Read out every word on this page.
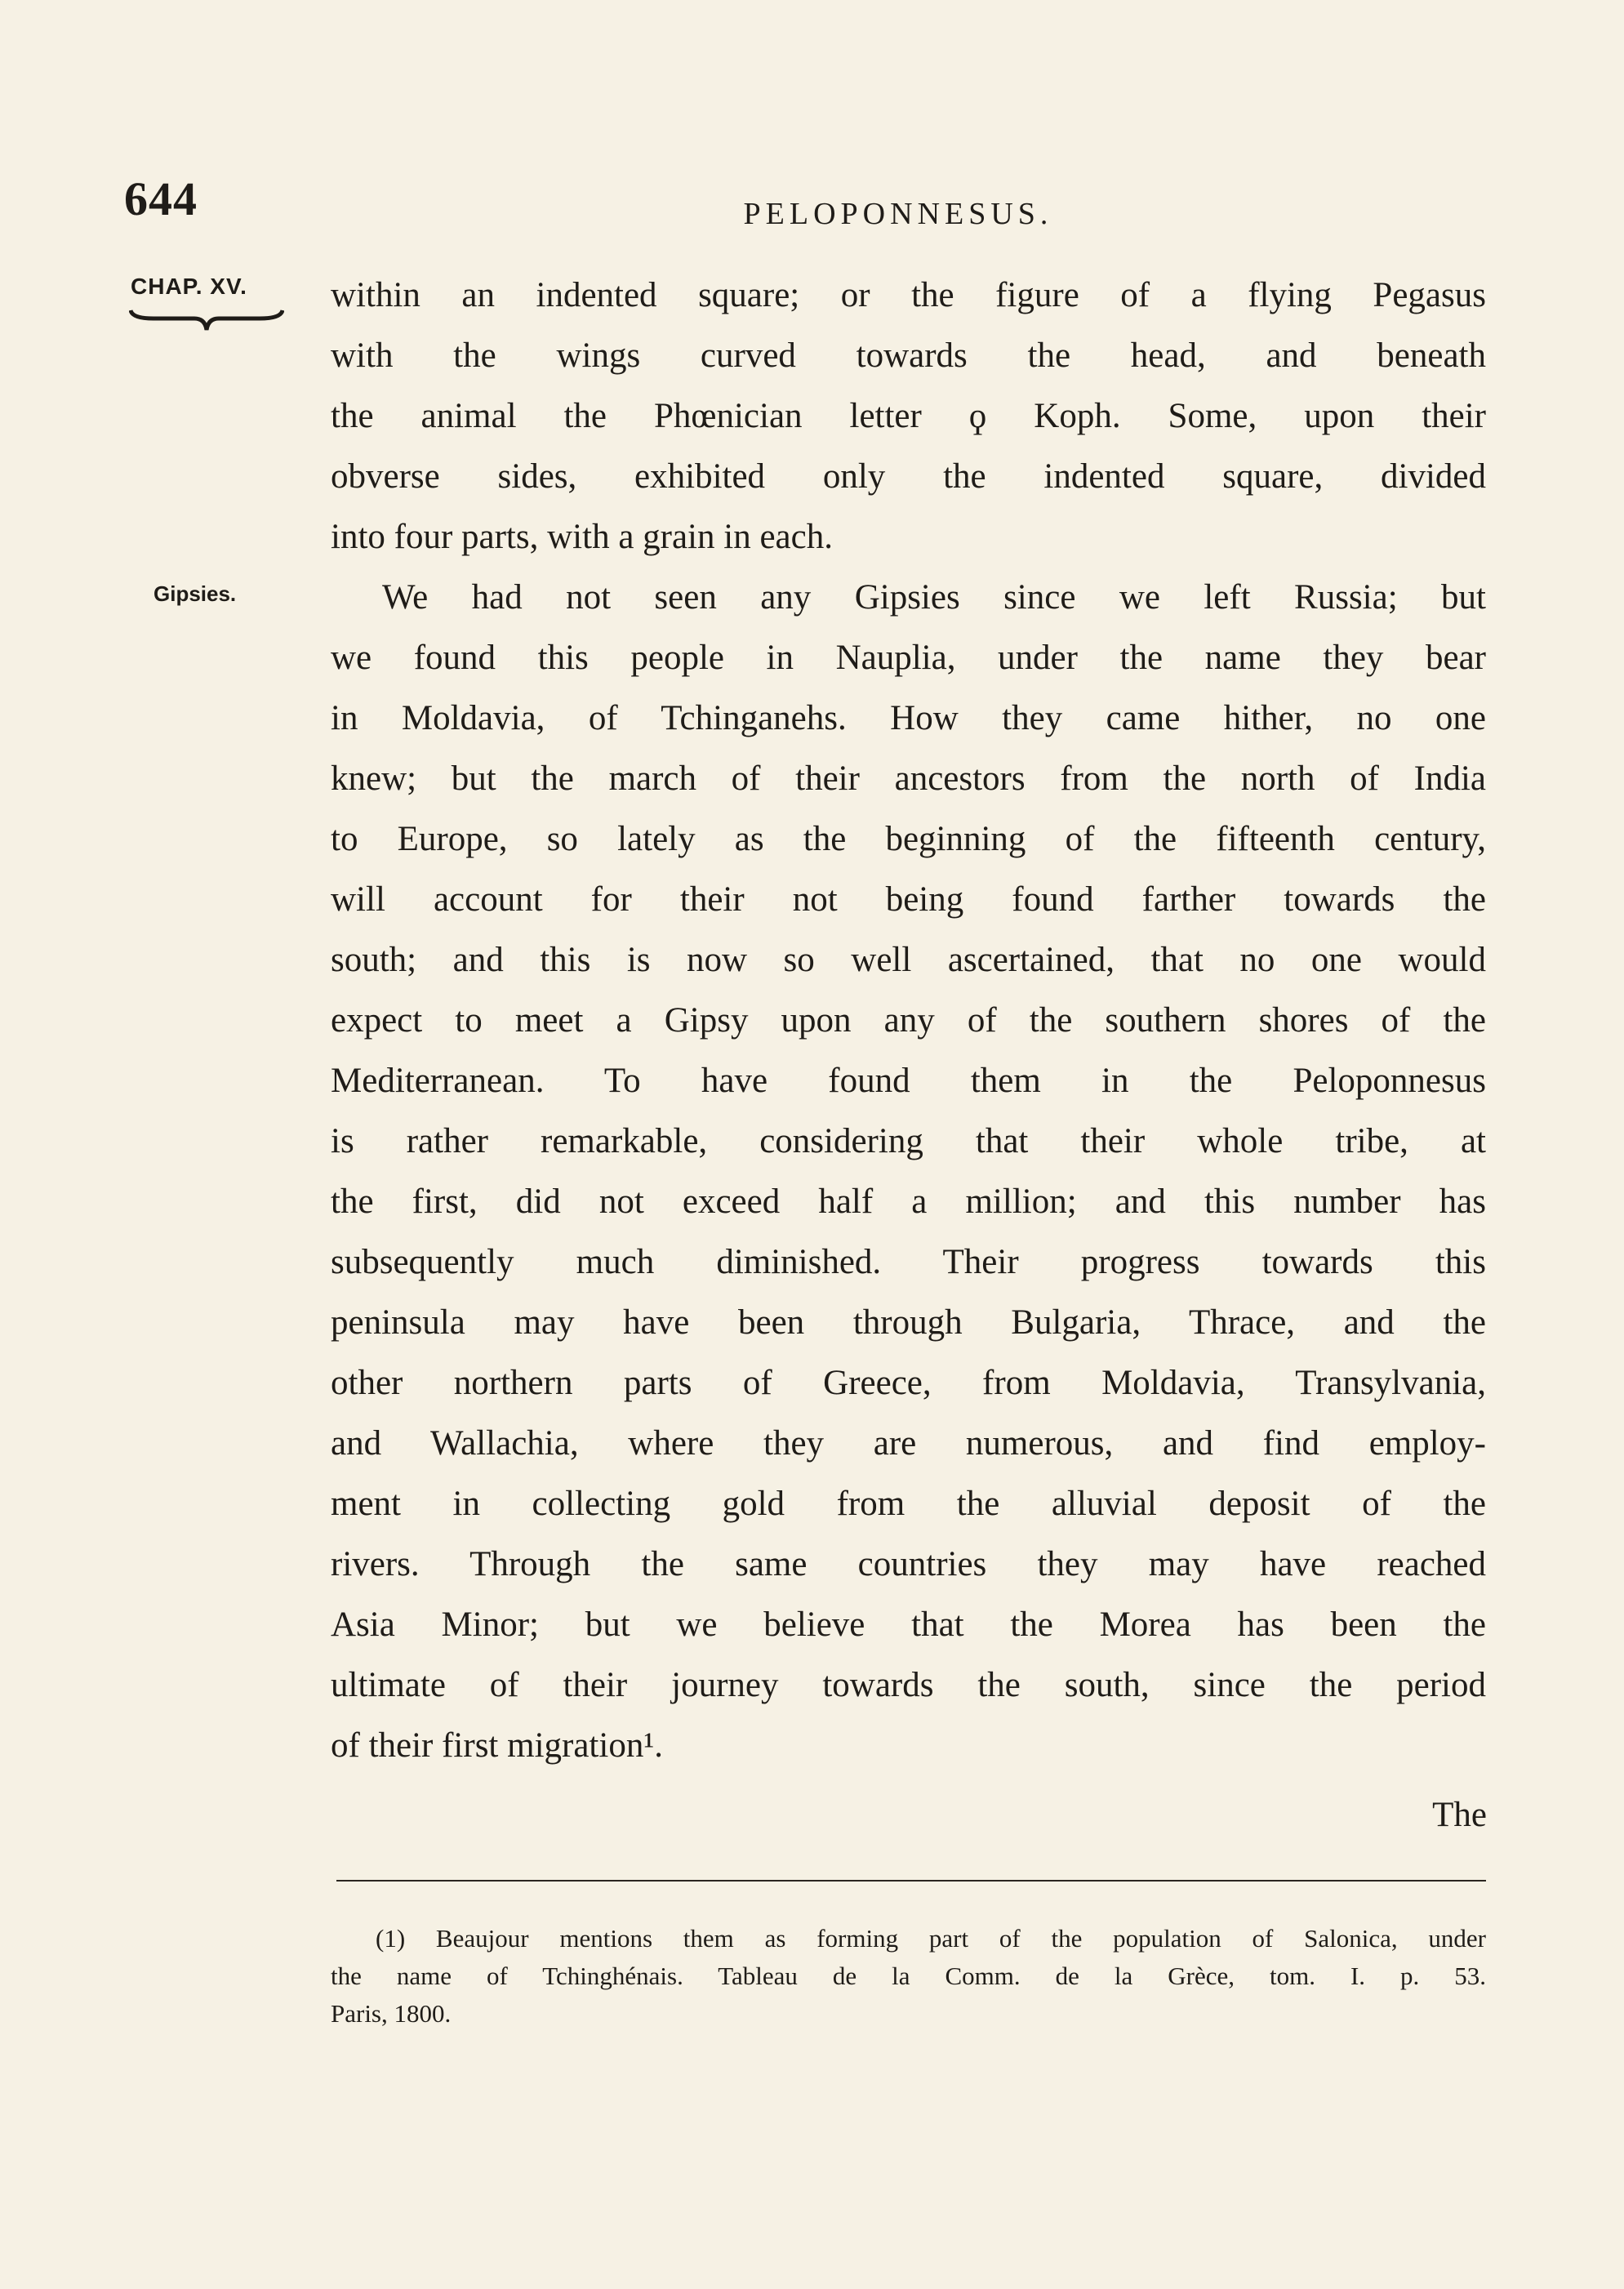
644	PELOPONNESUS.
CHAP. XV.
Gipsies.
within an indented square; or the figure of a flying Pegasus
with the wings curved towards the head, and beneath
the animal the Phœnician letter ϙ Koph. Some, upon their
obverse sides, exhibited only the indented square, divided
into four parts, with a grain in each.
We had not seen any Gipsies since we left Russia; but
we found this people in Nauplia, under the name they bear
in Moldavia, of Tchinganehs. How they came hither, no one
knew; but the march of their ancestors from the north of India
to Europe, so lately as the beginning of the fifteenth century,
will account for their not being found farther towards the
south; and this is now so well ascertained, that no one would
expect to meet a Gipsy upon any of the southern shores of the
Mediterranean. To have found them in the Peloponnesus
is rather remarkable, considering that their whole tribe, at
the first, did not exceed half a million; and this number has
subsequently much diminished. Their progress towards this
peninsula may have been through Bulgaria, Thrace, and the
other northern parts of Greece, from Moldavia, Transylvania,
and Wallachia, where they are numerous, and find employ-
ment in collecting gold from the alluvial deposit of the
rivers. Through the same countries they may have reached
Asia Minor; but we believe that the Morea has been the
ultimate of their journey towards the south, since the period
of their first migration¹.
The
(1) Beaujour mentions them as forming part of the population of Salonica, under
the name of Tchinghénais. Tableau de la Comm. de la Grèce, tom. I. p. 53.
Paris, 1800.
